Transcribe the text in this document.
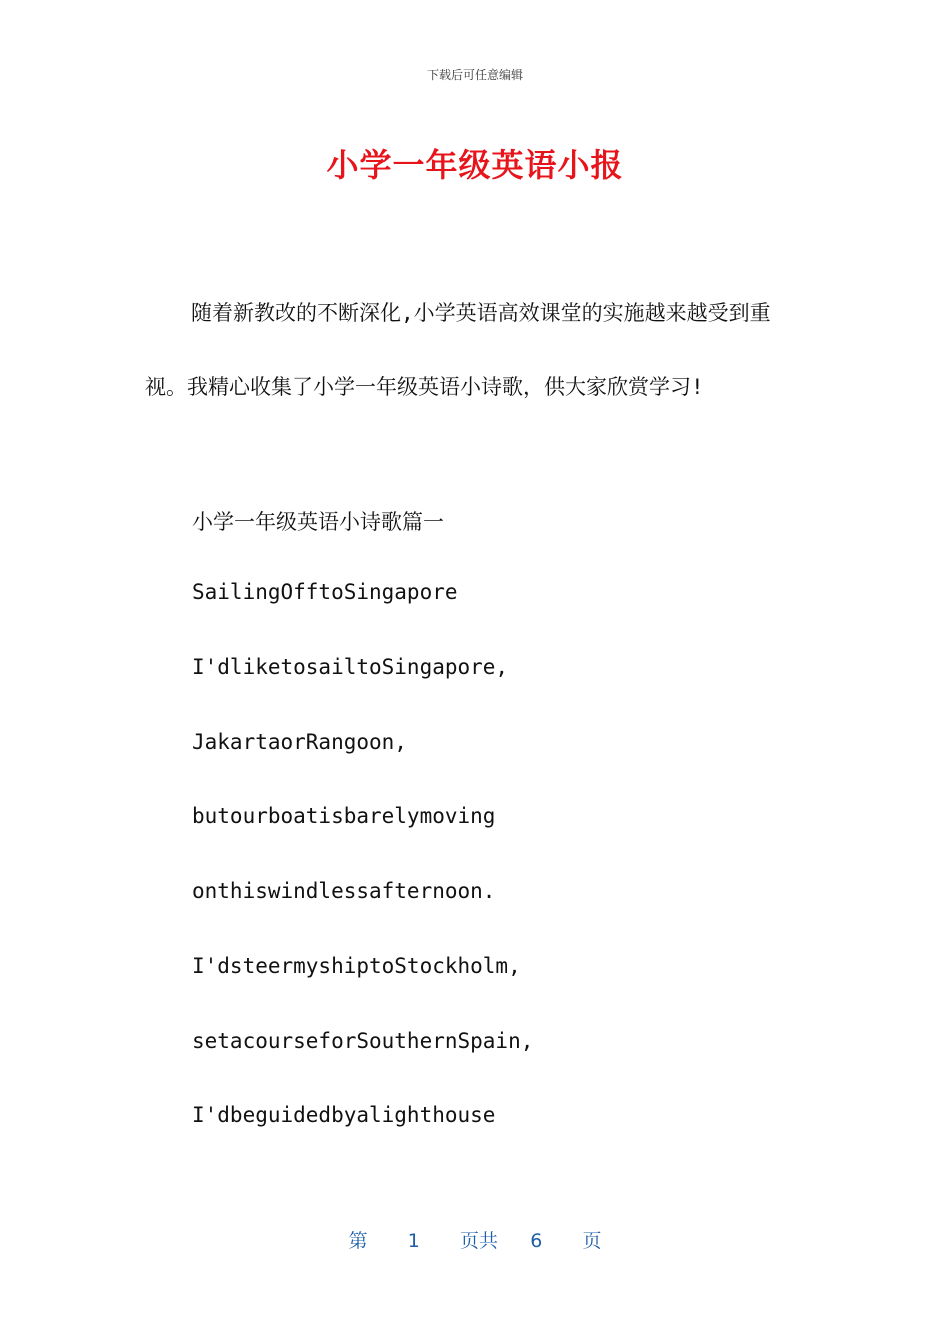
下载后可任意编辑
小学一年级英语小报

随着新教改的不断深化,小学英语高效课堂的实施越来越受到重视。我精心收集了小学一年级英语小诗歌，供大家欣赏学习!

小学一年级英语小诗歌篇一

SailingOfftoSingapore

I'dliketosailtoSingapore,

JakartaorRangoon,

butourboatisbarelymoving

onthiswindlessafternoon.

I'dsteermyshiptoStockholm,

setacourseforSouthernSpain,

I'dbeguidedbyalighthouse

第 1 页共 6 页
